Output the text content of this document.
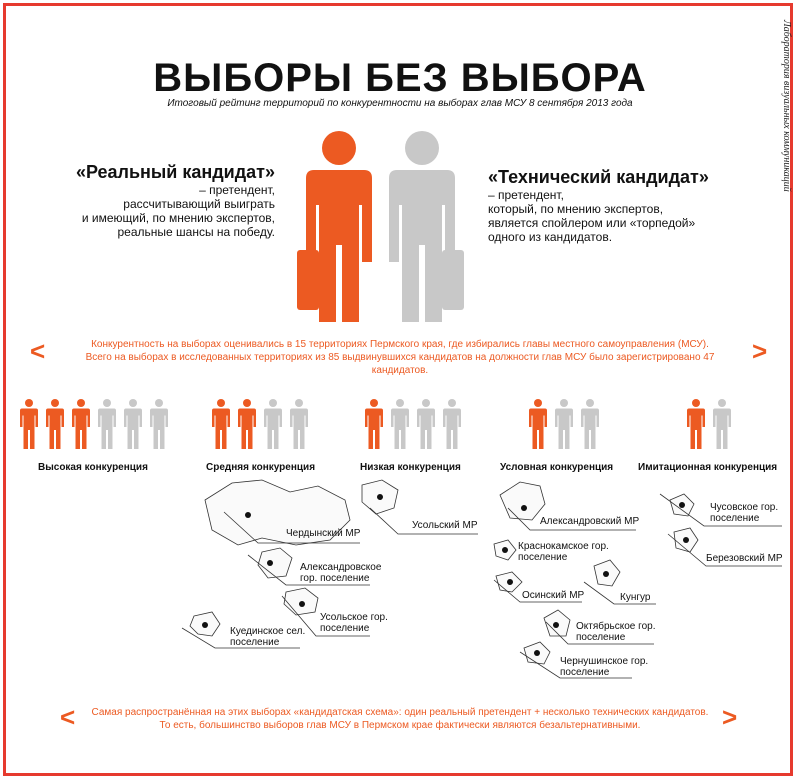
Лаборатория визуальных коммуникаций
ВЫБОРЫ БЕЗ ВЫБОРА
Итоговый рейтинг территорий по конкурентности на выборах глав МСУ 8 сентября 2013 года
«Реальный кандидат»
– претендент,
рассчитывающий выиграть
и имеющий, по мнению экспертов,
реальные шансы на победу.
«Технический кандидат»
– претендент,
который, по мнению экспертов,
является спойлером или «торпедой»
одного из кандидатов.
<	>
Конкурентность на выборах оценивались в 15 территориях Пермского края, где избирались главы местного самоуправления (МСУ).
Всего на выборах в исследованных территориях из 85 выдвинувшихся кандидатов на должности глав МСУ было зарегистрировано 47 кандидатов.
Высокая конкуренция	Средняя конкуренция	Низкая конкуренция	Условная конкуренция Имитационная конкуренция
Чердынский МР
Александровское гор. поселение
Усольское гор. поселение
Куединское сел. поселение
Усольский МР	Александровский МР
Краснокамское гор. поселение
Осинский МР	Кунгур
Октябрьское гор. поселение
Чернушинское гор. поселение
Чусовское гор. поселение
Березовский МР
<	>
Самая распространённая на этих выборах «кандидатская схема»: один реальный претендент + несколько технических кандидатов.
То есть, большинство выборов глав МСУ в Пермском крае фактически являются безальтернативными.
